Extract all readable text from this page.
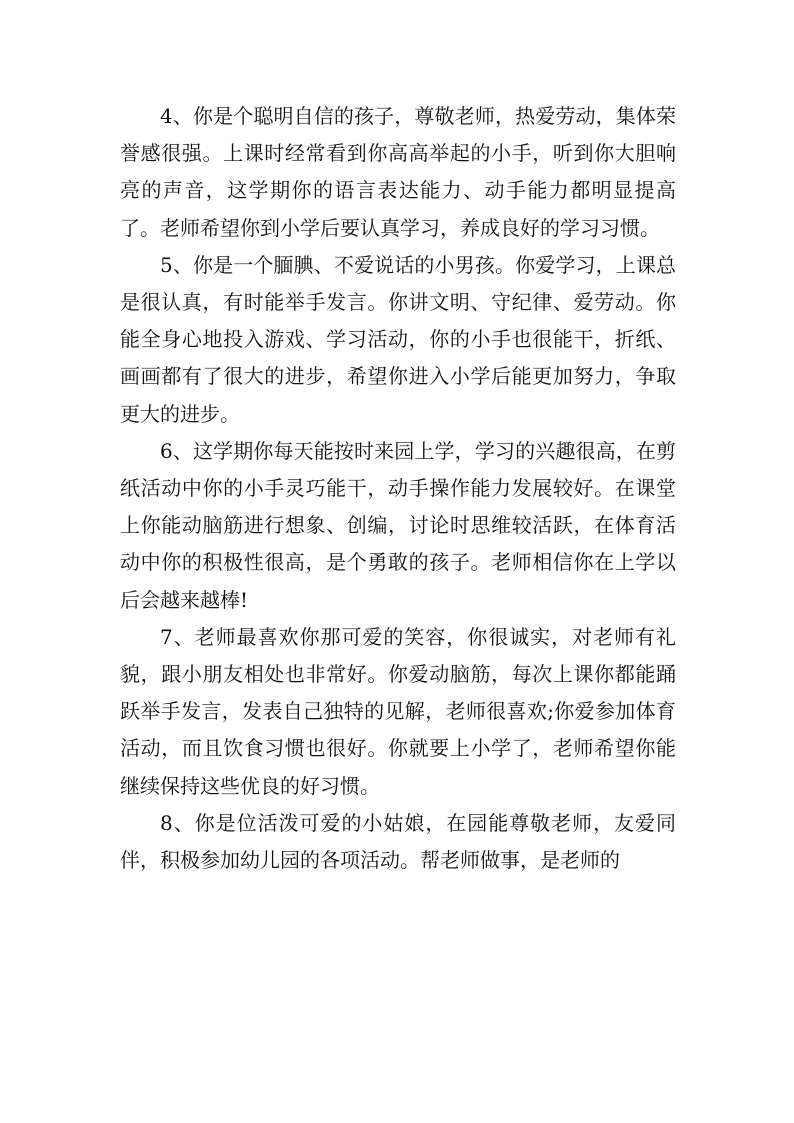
4、你是个聪明自信的孩子，尊敬老师，热爱劳动，集体荣誉感很强。上课时经常看到你高高举起的小手，听到你大胆响亮的声音，这学期你的语言表达能力、动手能力都明显提高了。老师希望你到小学后要认真学习，养成良好的学习习惯。

5、你是一个腼腆、不爱说话的小男孩。你爱学习，上课总是很认真，有时能举手发言。你讲文明、守纪律、爱劳动。你能全身心地投入游戏、学习活动，你的小手也很能干，折纸、画画都有了很大的进步，希望你进入小学后能更加努力，争取更大的进步。

6、这学期你每天能按时来园上学，学习的兴趣很高，在剪纸活动中你的小手灵巧能干，动手操作能力发展较好。在课堂上你能动脑筋进行想象、创编，讨论时思维较活跃，在体育活动中你的积极性很高，是个勇敢的孩子。老师相信你在上学以后会越来越棒!

7、老师最喜欢你那可爱的笑容，你很诚实，对老师有礼貌，跟小朋友相处也非常好。你爱动脑筋，每次上课你都能踊跃举手发言，发表自己独特的见解，老师很喜欢;你爱参加体育活动，而且饮食习惯也很好。你就要上小学了，老师希望你能继续保持这些优良的好习惯。

8、你是位活泼可爱的小姑娘，在园能尊敬老师，友爱同伴，积极参加幼儿园的各项活动。帮老师做事，是老师的
